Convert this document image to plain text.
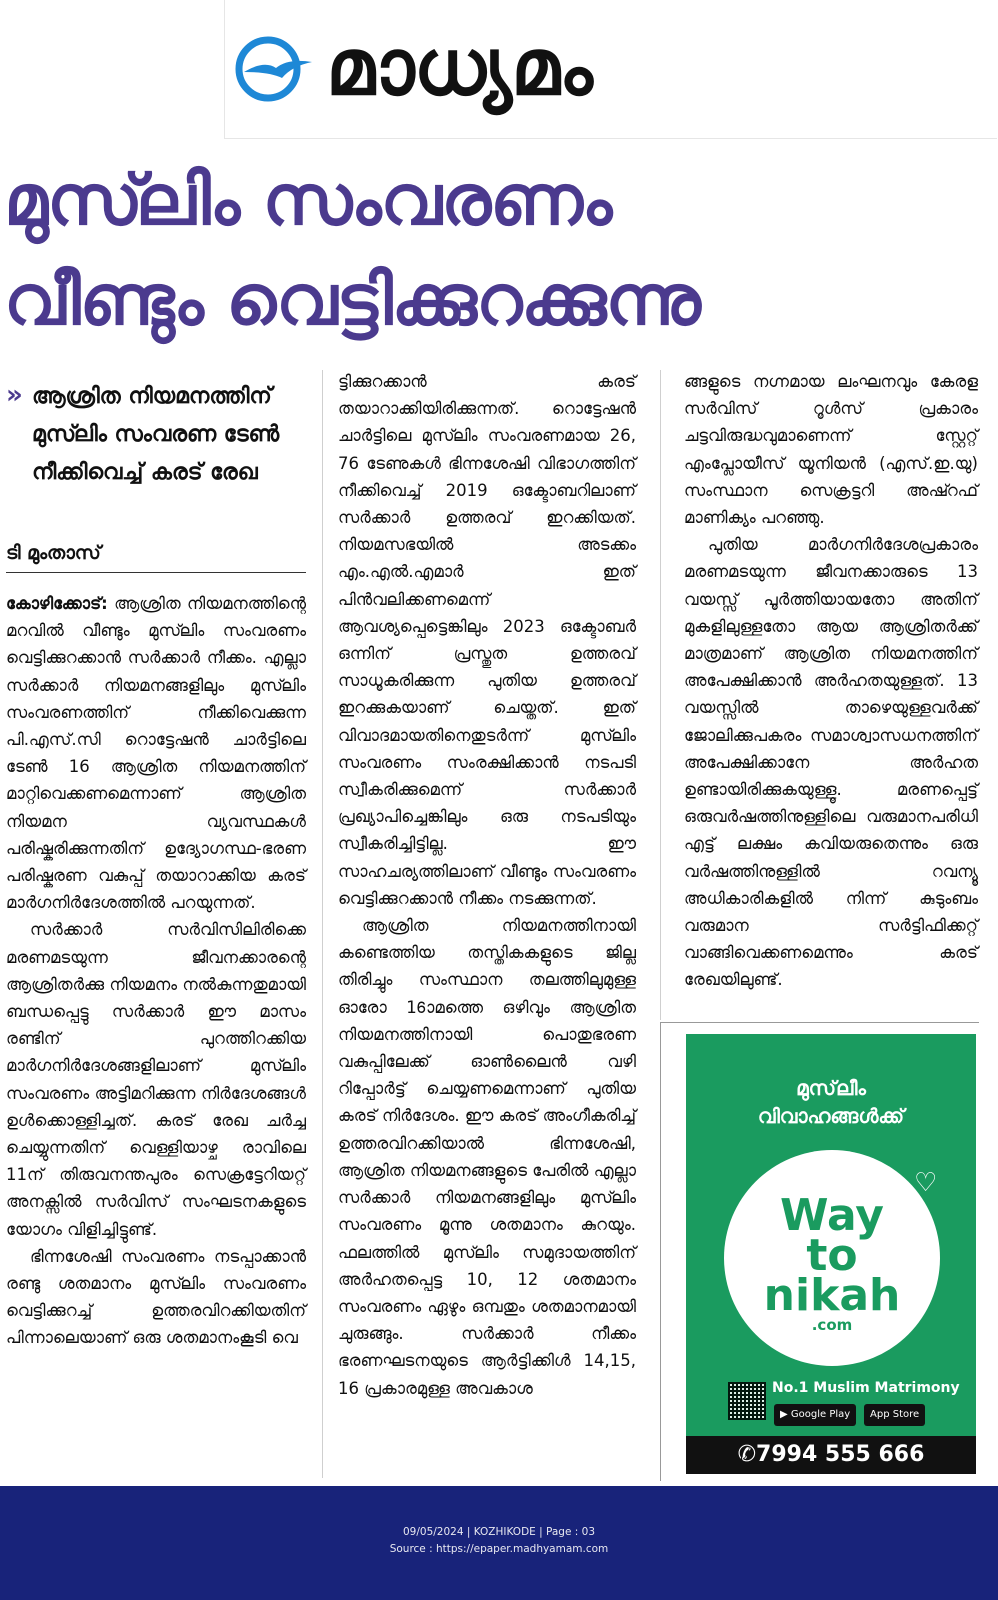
മാധ്യമം
മുസ്‍ലിം സംവരണം
വീണ്ടും വെട്ടിക്കുറക്കുന്നു
» ആശ്രിത നിയമനത്തിന് മുസ്‍ലിം സംവരണ ടേൺ നീക്കിവെച്ച് കരട് രേഖ
ടി മുംതാസ്

കോഴിക്കോട്: ആശ്രിത നിയമനത്തിന്റെ മറവിൽ വീണ്ടും മുസ്‍ലിം സംവരണം വെട്ടിക്കുറക്കാൻ സർക്കാർ നീക്കം. എല്ലാ സർക്കാർ നിയമനങ്ങളിലും മുസ്‍ലിം സംവരണത്തിന് നീക്കിവെക്കുന്ന പി.എസ്.സി റൊട്ടേഷൻ ചാർട്ടിലെ ടേൺ 16 ആശ്രിത നിയമനത്തിന് മാറ്റിവെക്കണമെന്നാണ് ആശ്രിത നിയമന വ്യവസ്ഥകൾ പരിഷ്കരിക്കുന്നതിന് ഉദ്യോഗസ്ഥ-ഭരണ പരിഷ്കരണ വകുപ്പ് തയാറാക്കിയ കരട് മാർഗനിർദേശത്തിൽ പറയുന്നത്.

സർക്കാർ സർവിസിലിരിക്കെ മരണമടയുന്ന ജീവനക്കാരന്റെ ആശ്രിതർക്കു നിയമനം നൽകുന്നതുമായി ബന്ധപ്പെട്ടു സർക്കാർ ഈ മാസം രണ്ടിന് പുറത്തിറക്കിയ മാർഗനിർദേശങ്ങളിലാണ് മുസ്‍ലിം സംവരണം അട്ടിമറിക്കുന്ന നിർദേശങ്ങൾ ഉൾക്കൊള്ളിച്ചത്. കരട് രേഖ ചർച്ച ചെയ്യുന്നതിന് വെള്ളിയാഴ്ച രാവിലെ 11ന് തിരുവനന്തപുരം സെക്രട്ടേറിയറ്റ് അനക്സിൽ സർവിസ് സംഘടനകളുടെ യോഗം വിളിച്ചിട്ടുണ്ട്.

ഭിന്നശേഷി സംവരണം നടപ്പാക്കാൻ രണ്ടു ശതമാനം മുസ്‍ലിം സംവരണം വെട്ടിക്കുറച്ച് ഉത്തരവിറക്കിയതിന് പിന്നാലെയാണ് ഒരു ശതമാനംകൂടി വെ

ട്ടിക്കുറക്കാൻ കരട് തയാറാക്കിയിരിക്കുന്നത്. റൊട്ടേഷൻ ചാർട്ടിലെ മുസ്‍ലിം സംവരണമായ 26, 76 ടേണുകൾ ഭിന്നശേഷി വിഭാഗത്തിന് നീക്കിവെച്ച് 2019 ഒക്ടോബറിലാണ് സർക്കാർ ഉത്തരവ് ഇറക്കിയത്. നിയമസഭയിൽ അടക്കം എം.എൽ.എമാർ ഇത് പിൻവലിക്കണമെന്ന് ആവശ്യപ്പെട്ടെങ്കിലും 2023 ഒക്ടോബർ ഒന്നിന് പ്രസ്തുത ഉത്തരവ് സാധൂകരിക്കുന്ന പുതിയ ഉത്തരവ് ഇറക്കുകയാണ് ചെയ്തത്. ഇത് വിവാദമായതിനെതുടർന്ന് മുസ്‍ലിം സംവരണം സംരക്ഷിക്കാൻ നടപടി സ്വീകരിക്കുമെന്ന് സർക്കാർ പ്രഖ്യാപിച്ചെങ്കിലും ഒരു നടപടിയും സ്വീകരിച്ചിട്ടില്ല. ഈ സാഹചര്യത്തിലാണ് വീണ്ടും സംവരണം വെട്ടിക്കുറക്കാൻ നീക്കം നടക്കുന്നത്.

ആശ്രിത നിയമനത്തിനായി കണ്ടെത്തിയ തസ്തികകളുടെ ജില്ല തിരിച്ചും സംസ്ഥാന തലത്തിലുമുള്ള ഓരോ 16ാമത്തെ ഒഴിവും ആശ്രിത നിയമനത്തിനായി പൊതുഭരണ വകുപ്പിലേക്ക് ഓൺലൈൻ വഴി റിപ്പോർട്ട് ചെയ്യണമെന്നാണ് പുതിയ കരട് നിർദേശം. ഈ കരട് അംഗീകരിച്ച് ഉത്തരവിറക്കിയാൽ ഭിന്നശേഷി, ആശ്രിത നിയമനങ്ങളുടെ പേരിൽ എല്ലാ സർക്കാർ നിയമനങ്ങളിലും മുസ്‍ലിം സംവരണം മൂന്നു ശതമാനം കുറയും. ഫലത്തിൽ മുസ്‍ലിം സമുദായത്തിന് അർഹതപ്പെട്ട 10, 12 ശതമാനം സംവരണം ഏഴും ഒമ്പതും ശതമാനമായി ചുരുങ്ങും. സർക്കാർ നീക്കം ഭരണഘടനയുടെ ആർട്ടിക്കിൾ 14,15, 16 പ്രകാരമുള്ള അവകാശ

ങ്ങളുടെ നഗ്നമായ ലംഘനവും കേരള സർവിസ് റൂൾസ് പ്രകാരം ചട്ടവിരുദ്ധവുമാണെന്ന് സ്റ്റേറ്റ് എംപ്ലോയീസ് യൂനിയൻ (എസ്.ഇ.യു) സംസ്ഥാന സെക്രട്ടറി അഷ്റഫ് മാണിക്യം പറഞ്ഞു.

പുതിയ മാർഗനിർദേശപ്രകാരം മരണമടയുന്ന ജീവനക്കാരുടെ 13 വയസ്സ് പൂർത്തിയായതോ അതിന് മുകളിലുള്ളതോ ആയ ആശ്രിതർക്ക് മാത്രമാണ് ആശ്രിത നിയമനത്തിന് അപേക്ഷിക്കാൻ അർഹതയുള്ളത്. 13 വയസ്സിൽ താഴെയുള്ളവർക്ക് ജോലിക്കുപകരം സമാശ്വാസധനത്തിന് അപേക്ഷിക്കാനേ അർഹത ഉണ്ടായിരിക്കുകയുള്ളൂ. മരണപ്പെട്ട് ഒരുവർഷത്തിനുള്ളിലെ വരുമാനപരിധി എട്ട് ലക്ഷം കവിയരുതെന്നും ഒരു വർഷത്തിനുള്ളിൽ റവന്യൂ അധികാരികളിൽ നിന്ന് കുടുംബം വരുമാന സർട്ടിഫിക്കറ്റ് വാങ്ങിവെക്കണമെന്നും കരട് രേഖയിലുണ്ട്.

മുസ്‌ലീം
വിവാഹങ്ങൾക്ക്
Way
to
nikah
.com
♡
No.1 Muslim Matrimony
▶ Google Play	App Store
✆7994 555 666
09/05/2024 | KOZHIKODE | Page : 03
Source : https://epaper.madhyamam.com
